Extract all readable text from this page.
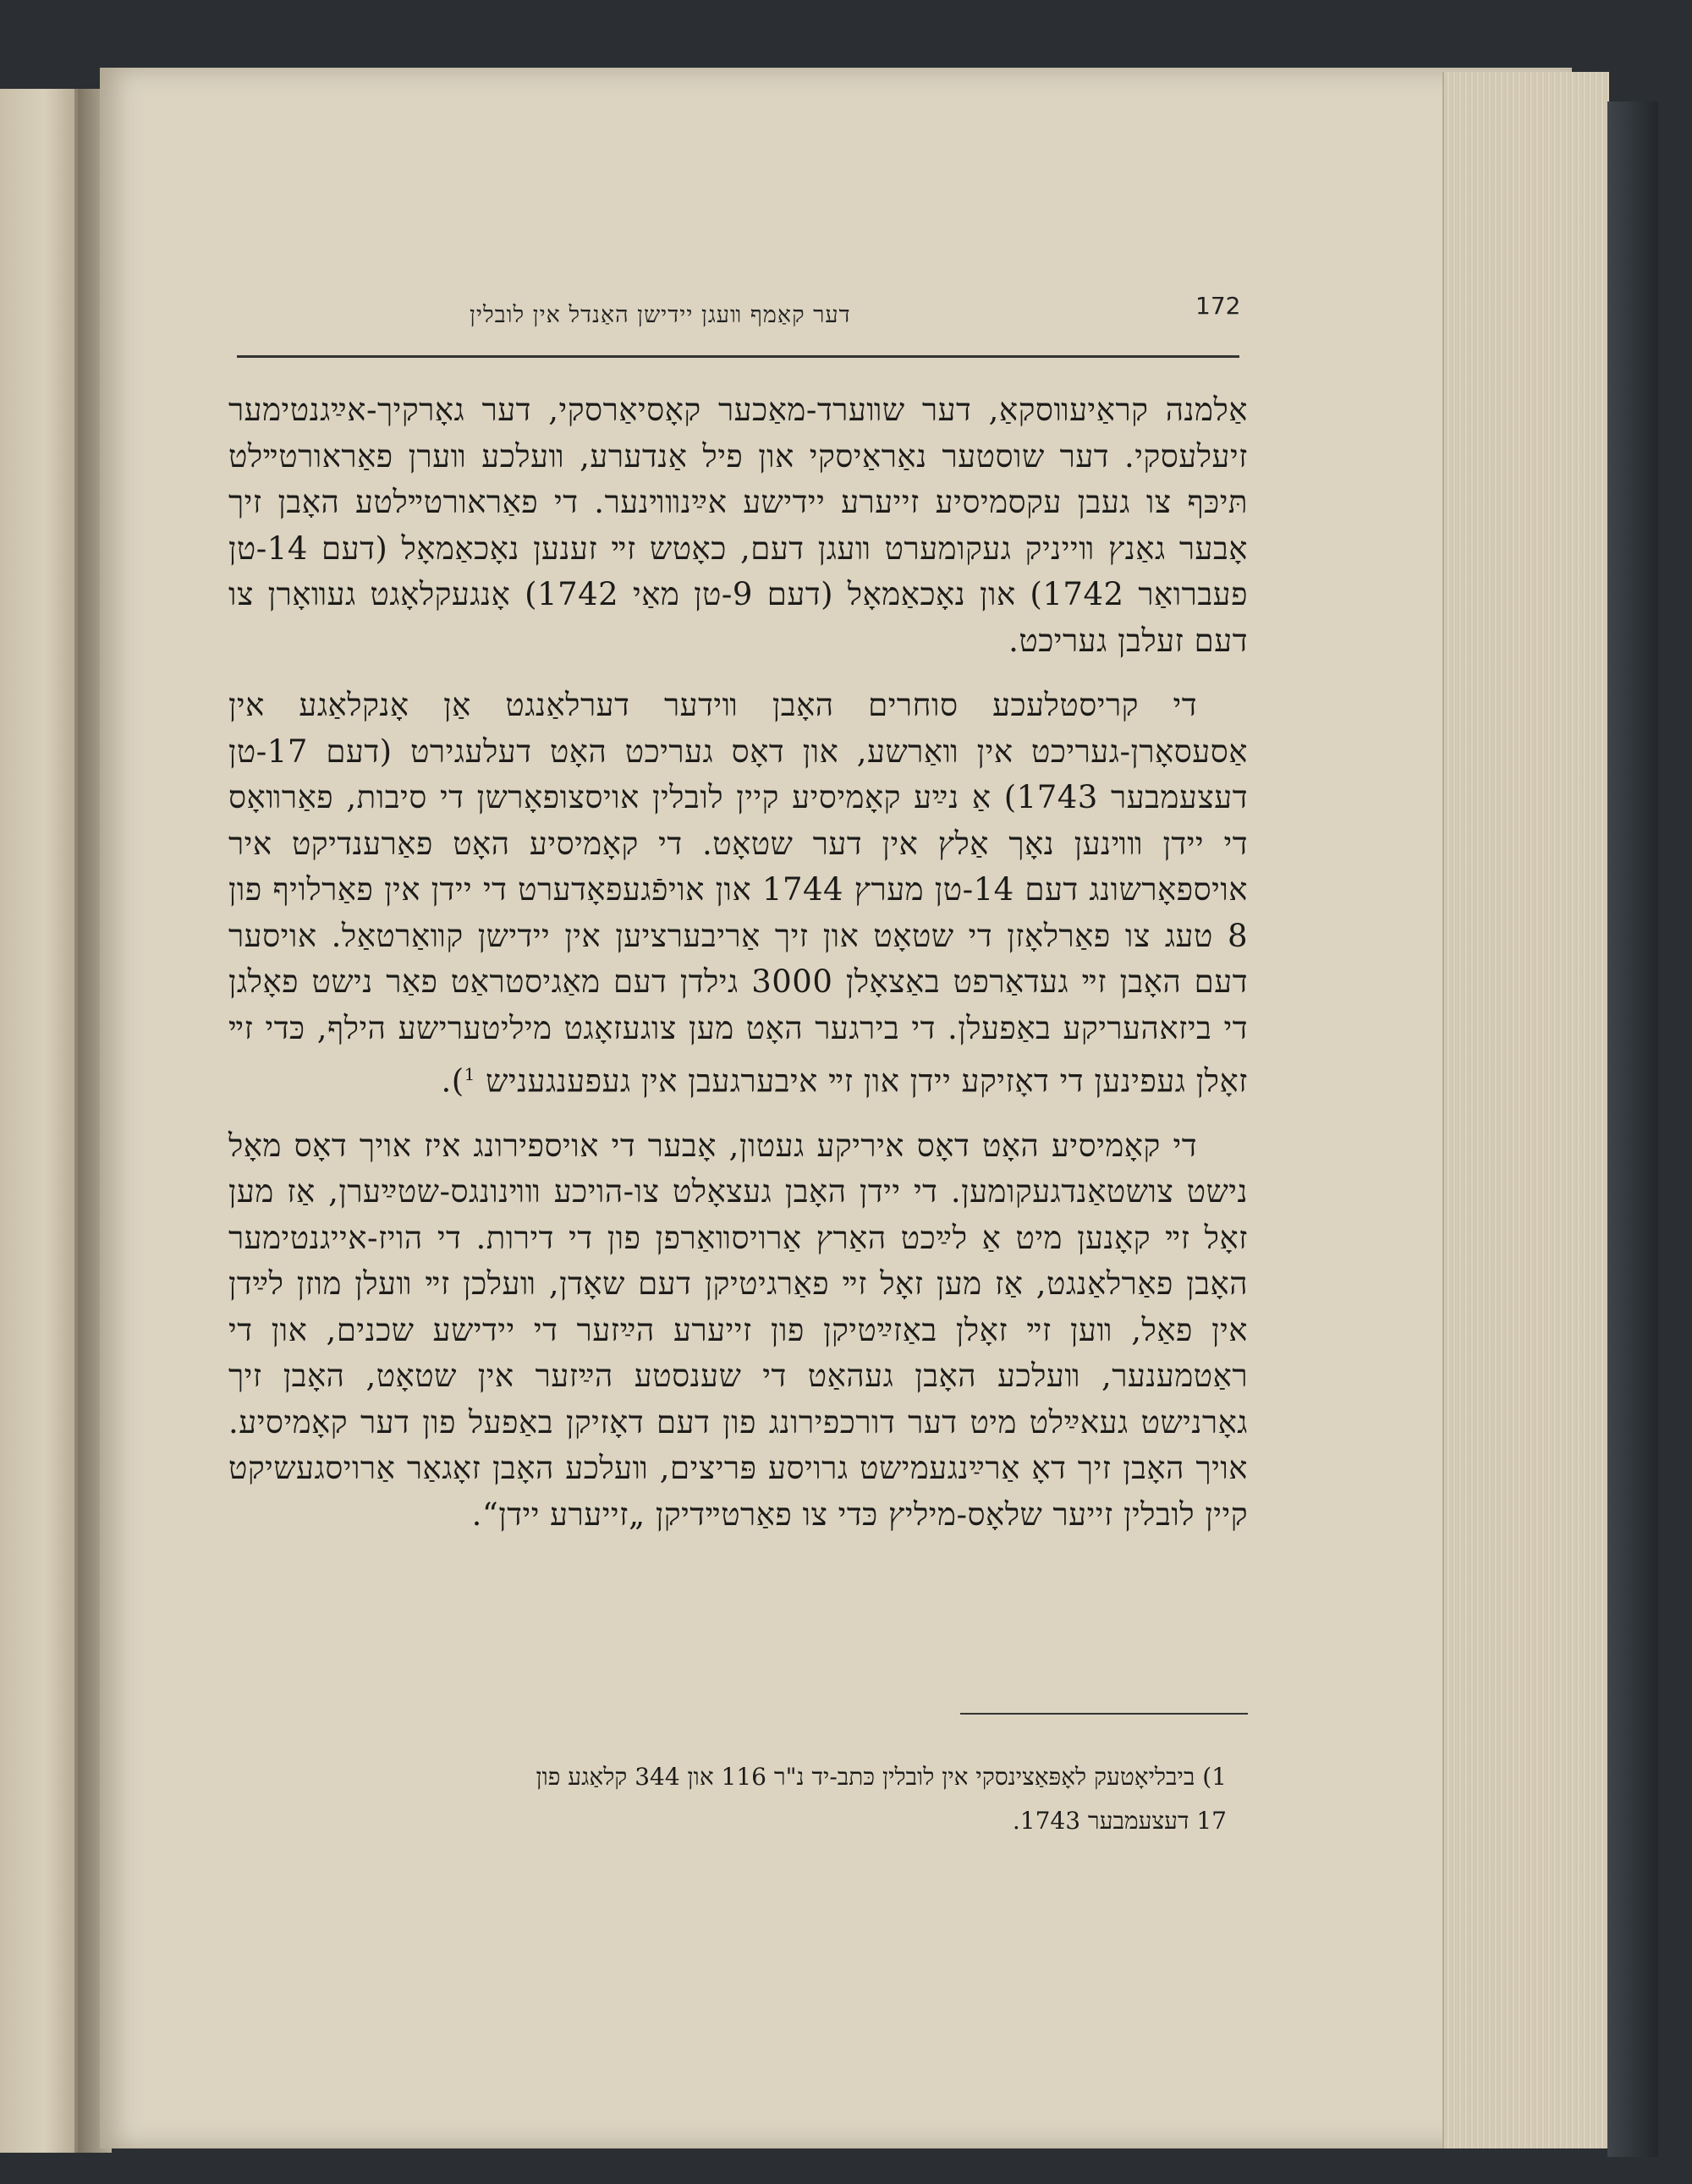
172
דער קאַמף װעגן יידישן האַנדל אין לובלין

אַלמנה קראַיעװסקאַ, דער שװערד-מאַכער קאָסיאַרסקי, דער גאָרקיך-אײַגנטימער זיעלעסקי. דער שוסטער נאַראַיסקי און פיל אַנדערע, װעלכע װערן פאַראורטײלט תּיכּף צו געבן עקסמיסיע זייערע יידישע אײַנװױנער. די פאַראורטײלטע האָבן זיך אָבער גאַנץ װייניק געקומערט װעגן דעם, כאָטש זײ זענען נאָכאַמאָל (דעם 14-טן פעברואַר 1742) און נאָכאַמאָל (דעם 9-טן מאַי 1742) אָנגעקלאָגט געװאָרן צו דעם זעלבן געריכט.

די קריסטלעכע סוחרים האָבן װידער דערלאַנגט אַן אָנקלאַגע אין אַסעסאָרן-געריכט אין װאַרשע, און דאָס געריכט האָט דעלעגירט (דעם 17-טן דעצעמבער 1743) אַ נײַע קאָמיסיע קיין לובלין אויסצופאָרשן די סיבות, פאַרװאָס די יידן װױנען נאָך אַלץ אין דער שטאָט. די קאָמיסיע האָט פאַרענדיקט איר אויספאָרשונג דעם 14-טן מערץ 1744 און אויפֿגעפאָדערט די יידן אין פאַרלויף פון 8 טעג צו פאַרלאָזן די שטאָט און זיך אַריבערציען אין יידישן קװאַרטאַל. אויסער דעם האָבן זײ געדאַרפט באַצאָלן 3000 גילדן דעם מאַגיסטראַט פאַר נישט פאָלגן די ביזאהעריקע באַפעלן. די בירגער האָט מען צוגעזאָגט מיליטערישע הילף, כּדי זײ זאָלן געפינען די דאָזיקע יידן און זײ איבערגעבן אין געפענגעניש $^1$).

די קאָמיסיע האָט דאָס איריקע געטון, אָבער די אויספירונג איז אויך דאָס מאָל נישט צושטאַנדגעקומען. די יידן האָבן געצאָלט צו-הויכע װױנונגס-שטײַערן, אַז מען זאָל זײ קאָנען מיט אַ לײַכט האַרץ אַרויסװאַרפן פון די דירות. די הויז-אייגנטימער האָבן פאַרלאַנגט, אַז מען זאָל זײ פאַרגיטיקן דעם שאָדן, װעלכן זײ װעלן מוזן לײַדן אין פאַל, װען זײ זאָלן באַזײַטיקן פון זייערע הײַזער די יידישע שכנים, און די ראַטמענער, װעלכע האָבן געהאַט די שענסטע הײַזער אין שטאָט, האָבן זיך גאָרנישט געאײַלט מיט דער דורכפירונג פון דעם דאָזיקן באַפעל פון דער קאָמיסיע. אויך האָבן זיך דאָ אַרײַנגעמישט גרויסע פּריצים, װעלכע האָבן זאָגאַר אַרויסגעשיקט קיין לובלין זייער שלאָס-מיליץ כּדי צו פאַרטײדיקן „זייערע יידן“.

1) ביבליאָטעק לאָפּאַצינסקי אין לובלין כּתב-יד נ"ר 116 און 344 קלאַגע פון

17 דעצעמבער 1743.
